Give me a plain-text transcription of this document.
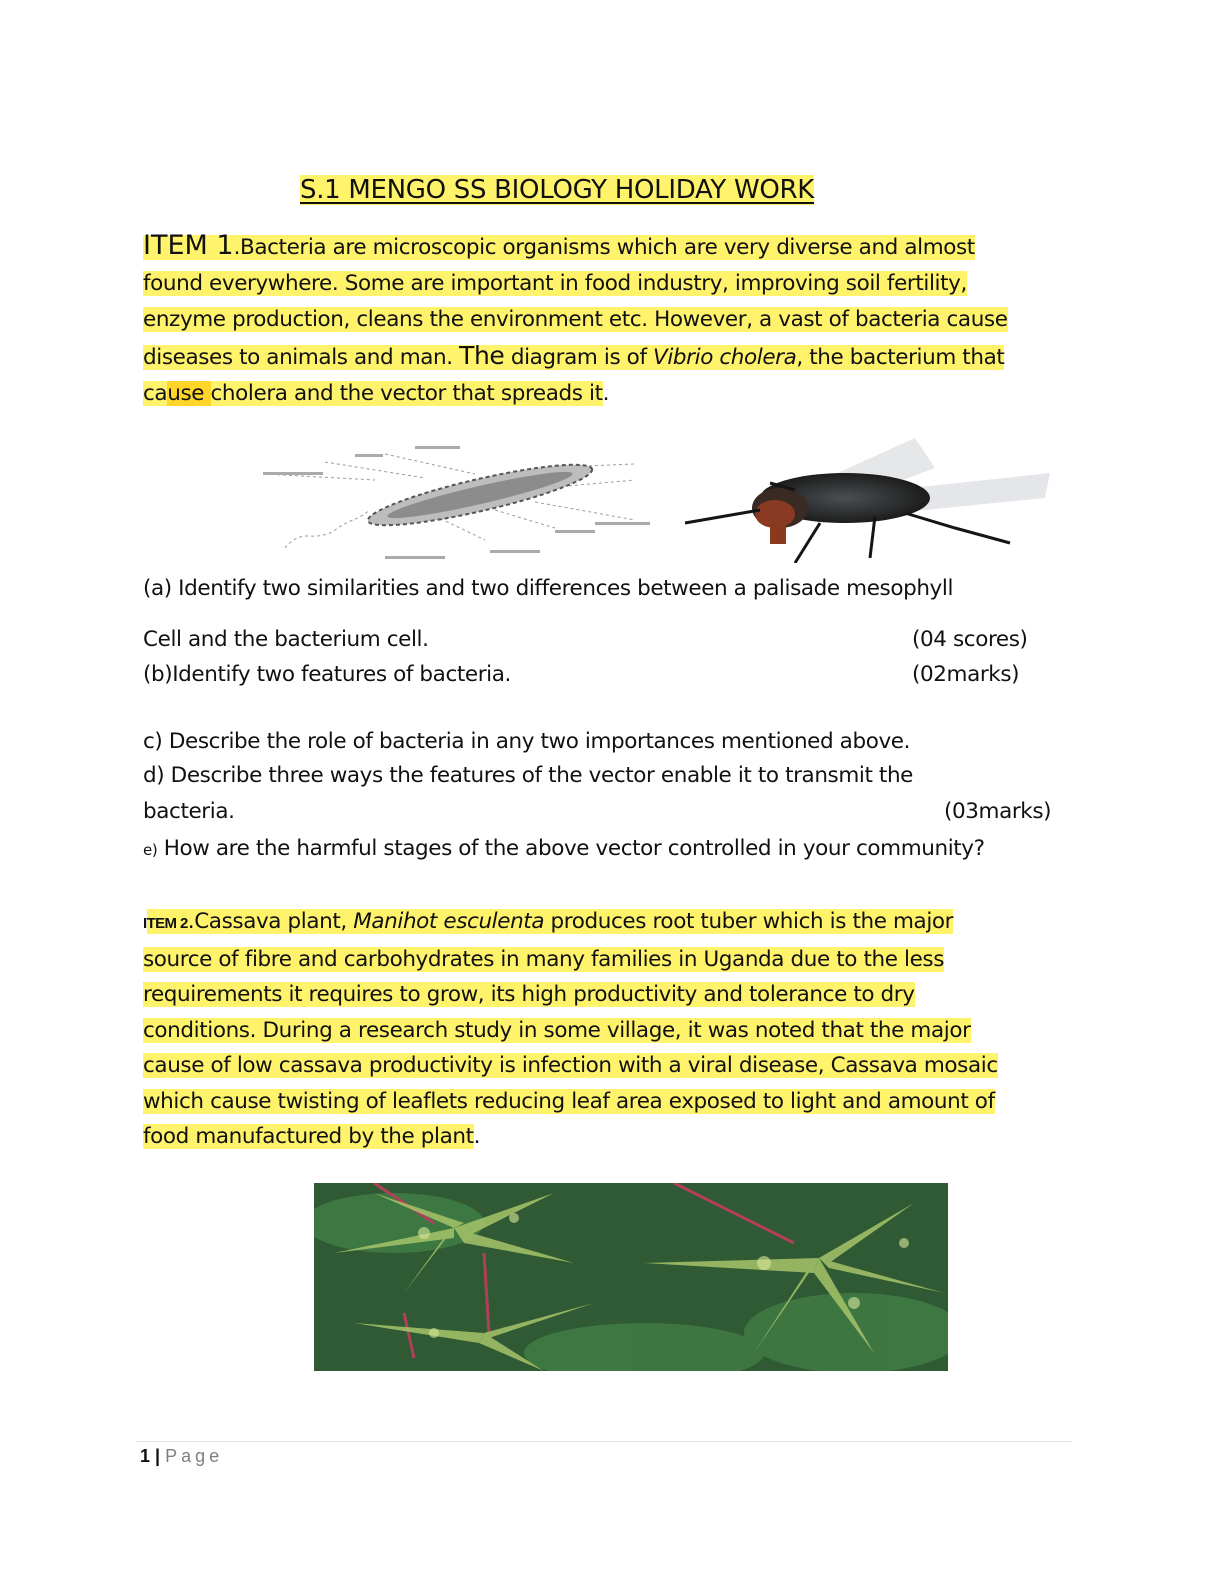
S.1 MENGO SS BIOLOGY HOLIDAY WORK
ITEM 1.Bacteria are microscopic organisms which are very diverse and almost
found everywhere. Some are important in food industry, improving soil fertility,
enzyme production, cleans the environment etc. However, a vast of bacteria cause
diseases to animals and man. The diagram is of Vibrio cholera, the bacterium that
cause cholera and the vector that spreads it.
(a) Identify two similarities and two differences between a palisade mesophyll
Cell and the bacterium cell.	(04 scores)
(b)Identify two features of bacteria.	(02marks)
c) Describe the role of bacteria in any two importances mentioned above.
d) Describe three ways the features of the vector enable it to transmit the
bacteria.	(03marks)
e) How are the harmful stages of the above vector controlled in your community?
ITEM 2.Cassava plant, Manihot esculenta produces root tuber which is the major
source of fibre and carbohydrates in many families in Uganda due to the less
requirements it requires to grow, its high productivity and tolerance to dry
conditions. During a research study in some village, it was noted that the major
cause of low cassava productivity is infection with a viral disease, Cassava mosaic
which cause twisting of leaflets reducing leaf area exposed to light and amount of
food manufactured by the plant.
1 | Page
